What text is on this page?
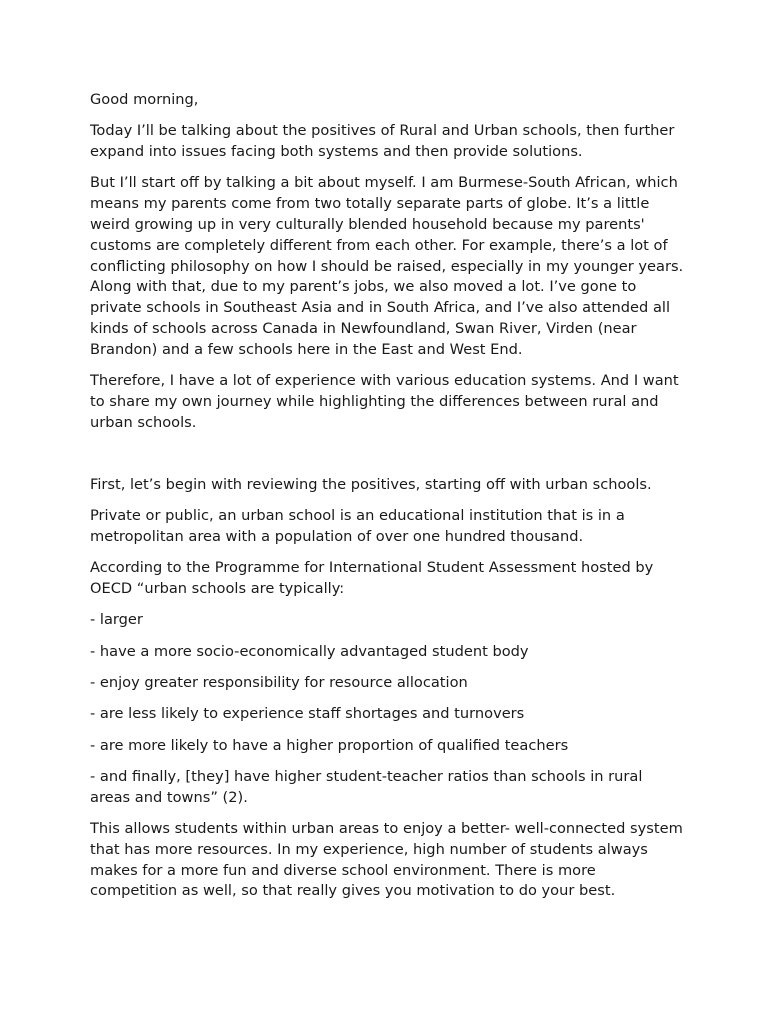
Good morning,

Today I’ll be talking about the positives of Rural and Urban schools, then further expand into issues facing both systems and then provide solutions.

But I’ll start off by talking a bit about myself. I am Burmese-South African, which means my parents come from two totally separate parts of globe. It’s a little weird growing up in very culturally blended household because my parents' customs are completely different from each other. For example, there’s a lot of conflicting philosophy on how I should be raised, especially in my younger years. Along with that, due to my parent’s jobs, we also moved a lot. I’ve gone to private schools in Southeast Asia and in South Africa, and I’ve also attended all kinds of schools across Canada in Newfoundland, Swan River, Virden (near Brandon) and a few schools here in the East and West End.

Therefore, I have a lot of experience with various education systems. And I want to share my own journey while highlighting the differences between rural and urban schools.

First, let’s begin with reviewing the positives, starting off with urban schools.

Private or public, an urban school is an educational institution that is in a metropolitan area with a population of over one hundred thousand.

According to the Programme for International Student Assessment hosted by OECD “urban schools are typically:

- larger

- have a more socio-economically advantaged student body

- enjoy greater responsibility for resource allocation

- are less likely to experience staff shortages and turnovers

- are more likely to have a higher proportion of qualified teachers

- and finally, [they] have higher student-teacher ratios than schools in rural areas and towns” (2).

This allows students within urban areas to enjoy a better- well-connected system that has more resources. In my experience, high number of students always makes for a more fun and diverse school environment. There is more competition as well, so that really gives you motivation to do your best.
